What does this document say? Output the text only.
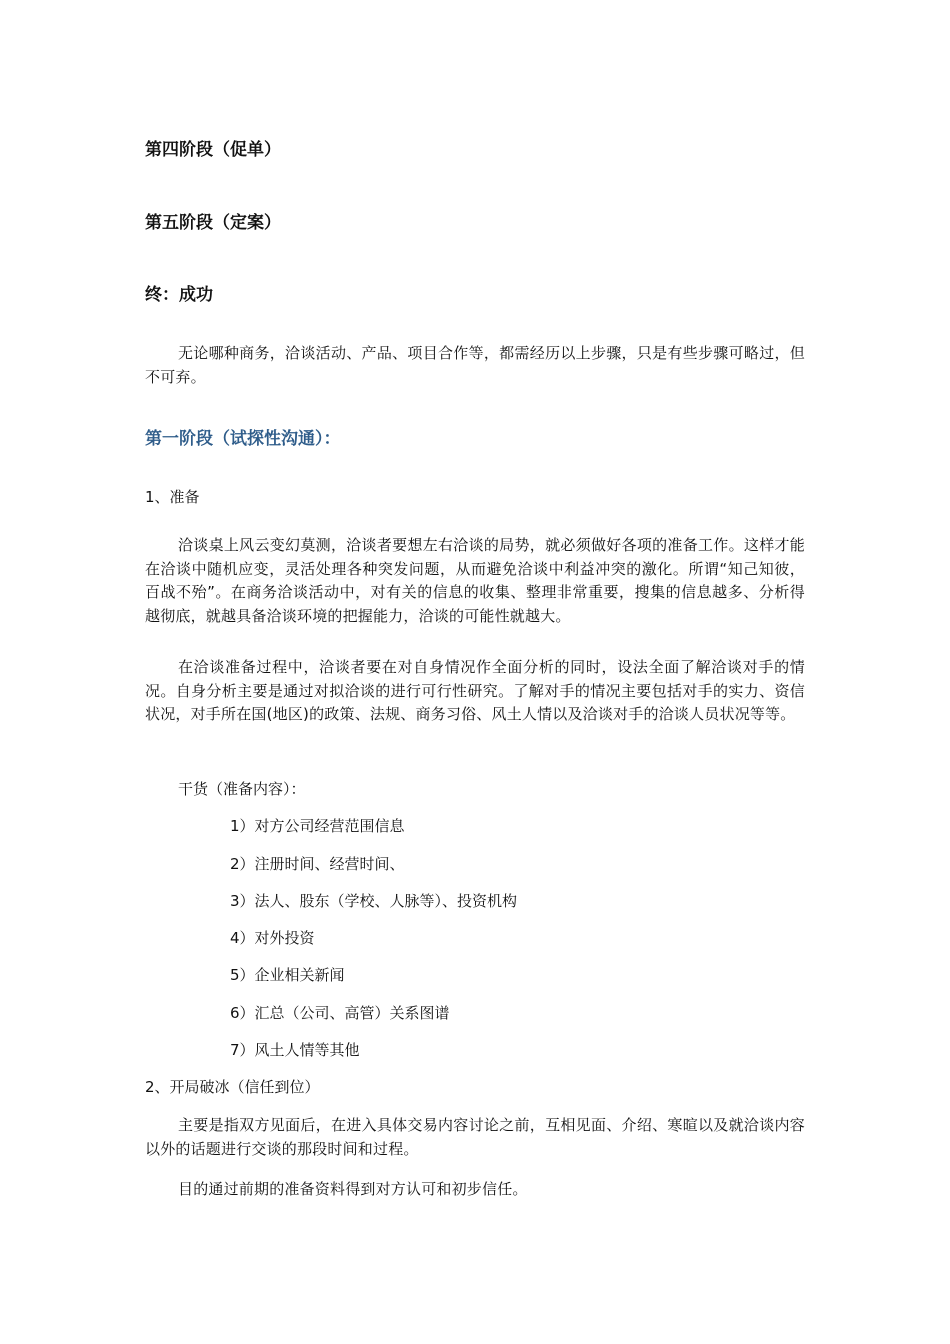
第四阶段（促单）
第五阶段（定案）
终：成功

无论哪种商务，洽谈活动、产品、项目合作等，都需经历以上步骤，只是有些步骤可略过，但不可弃。

第一阶段（试探性沟通）：

1、准备

洽谈桌上风云变幻莫测，洽谈者要想左右洽谈的局势，就必须做好各项的准备工作。这样才能在洽谈中随机应变，灵活处理各种突发问题，从而避免洽谈中利益冲突的激化。所谓“知己知彼，百战不殆”。在商务洽谈活动中，对有关的信息的收集、整理非常重要，搜集的信息越多、分析得越彻底，就越具备洽谈环境的把握能力，洽谈的可能性就越大。

在洽谈准备过程中，洽谈者要在对自身情况作全面分析的同时，设法全面了解洽谈对手的情况。自身分析主要是通过对拟洽谈的进行可行性研究。了解对手的情况主要包括对手的实力、资信状况，对手所在国(地区)的政策、法规、商务习俗、风土人情以及洽谈对手的洽谈人员状况等等。

干货（准备内容）：

1）对方公司经营范围信息

2）注册时间、经营时间、

3）法人、股东（学校、人脉等）、投资机构

4）对外投资

5）企业相关新闻

6）汇总（公司、高管）关系图谱

7）风土人情等其他

2、开局破冰（信任到位）

主要是指双方见面后，在进入具体交易内容讨论之前，互相见面、介绍、寒暄以及就洽谈内容以外的话题进行交谈的那段时间和过程。

目的通过前期的准备资料得到对方认可和初步信任。
